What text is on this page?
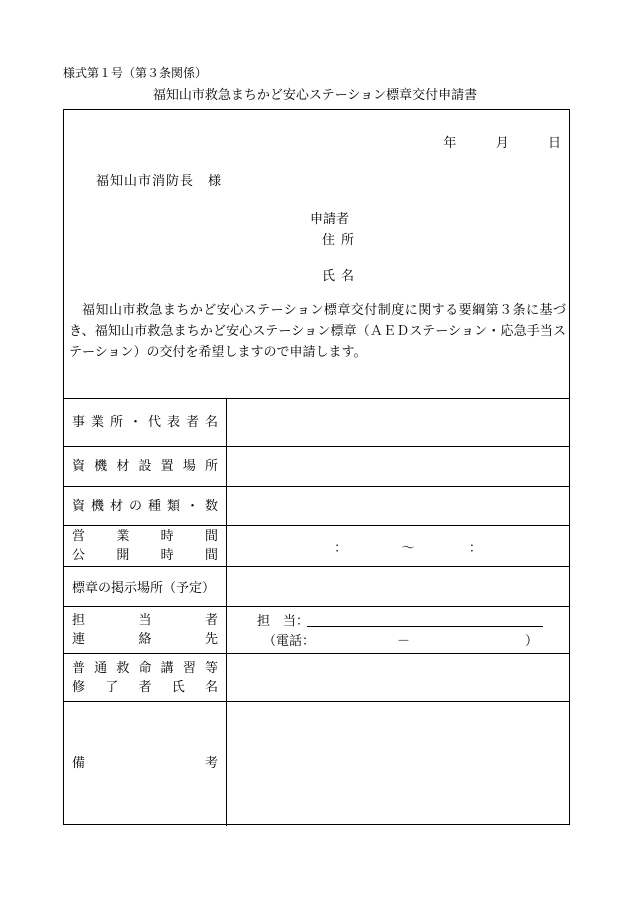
様式第１号（第３条関係）
福知山市救急まちかど安心ステーション標章交付申請書
年	月	日
福知山市消防長　様
申請者
住所
氏名
福知山市救急まちかど安心ステーション標章交付制度に関する要綱第３条に基づき、福知山市救急まちかど安心ステーション標章（ＡＥＤステーション・応急手当ステーション）の交付を希望しますので申請します。
事業所・代表者名	

資機材設置場所	

資機材の種類・数	

営業時間
公開時間	： ～ ：

標章の掲示場所（予定）	

担当者
連絡先	担　当：
（電話： － ）

普通救命講習等
修了者氏名	

備 考	
